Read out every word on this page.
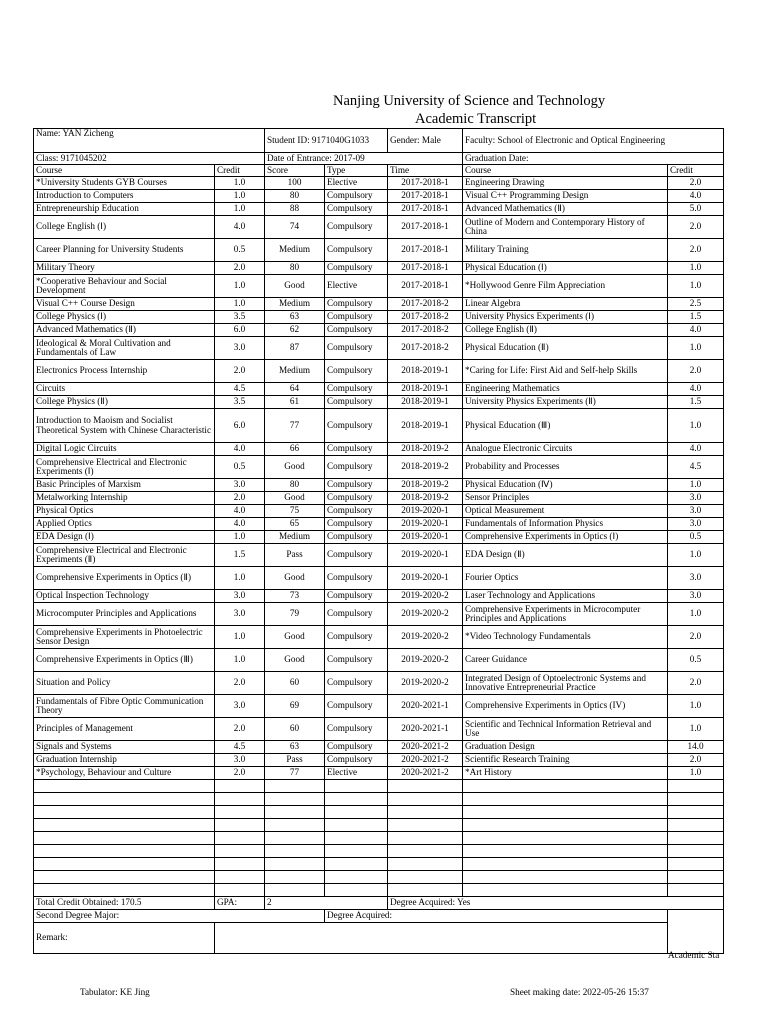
Nanjing University of Science and Technology
Academic Transcript
Name: YAN Zicheng		Student ID: 9171040G1033		Gender: Male	Faculty: School of Electronic and Optical Engineering	
Class: 9171045202		Date of Entrance: 2017-09			Graduation Date:	
Course	Credit	Score	Type	Time	Course	Credit
*University Students GYB Courses	1.0	100	Elective	2017-2018-1	Engineering Drawing	2.0
Introduction to Computers	1.0	80	Compulsory	2017-2018-1	Visual C++ Programming Design	4.0
Entrepreneurship Education	1.0	88	Compulsory	2017-2018-1	Advanced Mathematics (Ⅱ)	5.0
College English (Ⅰ)	4.0	74	Compulsory	2017-2018-1	Outline of Modern and Contemporary History of China	2.0
Career Planning for University Students	0.5	Medium	Compulsory	2017-2018-1	Military Training	2.0
Military Theory	2.0	80	Compulsory	2017-2018-1	Physical Education (Ⅰ)	1.0
*Cooperative Behaviour and Social Development	1.0	Good	Elective	2017-2018-1	*Hollywood Genre Film Appreciation	1.0
Visual C++ Course Design	1.0	Medium	Compulsory	2017-2018-2	Linear Algebra	2.5
College Physics (Ⅰ)	3.5	63	Compulsory	2017-2018-2	University Physics Experiments (Ⅰ)	1.5
Advanced Mathematics (Ⅱ)	6.0	62	Compulsory	2017-2018-2	College English (Ⅱ)	4.0
Ideological & Moral Cultivation and Fundamentals of Law	3.0	87	Compulsory	2017-2018-2	Physical Education (Ⅱ)	1.0
Electronics Process Internship	2.0	Medium	Compulsory	2018-2019-1	*Caring for Life: First Aid and Self-help Skills	2.0
Circuits	4.5	64	Compulsory	2018-2019-1	Engineering Mathematics	4.0
College Physics (Ⅱ)	3.5	61	Compulsory	2018-2019-1	University Physics Experiments (Ⅱ)	1.5
Introduction to Maoism and Socialist Theoretical System with Chinese Characteristic	6.0	77	Compulsory	2018-2019-1	Physical Education (Ⅲ)	1.0
Digital Logic Circuits	4.0	66	Compulsory	2018-2019-2	Analogue Electronic Circuits	4.0
Comprehensive Electrical and Electronic Experiments (Ⅰ)	0.5	Good	Compulsory	2018-2019-2	Probability and Processes	4.5
Basic Principles of Marxism	3.0	80	Compulsory	2018-2019-2	Physical Education (Ⅳ)	1.0
Metalworking Internship	2.0	Good	Compulsory	2018-2019-2	Sensor Principles	3.0
Physical Optics	4.0	75	Compulsory	2019-2020-1	Optical Measurement	3.0
Applied Optics	4.0	65	Compulsory	2019-2020-1	Fundamentals of Information Physics	3.0
EDA Design (Ⅰ)	1.0	Medium	Compulsory	2019-2020-1	Comprehensive Experiments in Optics (Ⅰ)	0.5
Comprehensive Electrical and Electronic Experiments (Ⅱ)	1.5	Pass	Compulsory	2019-2020-1	EDA Design (Ⅱ)	1.0
Comprehensive Experiments in Optics (Ⅱ)	1.0	Good	Compulsory	2019-2020-1	Fourier Optics	3.0
Optical Inspection Technology	3.0	73	Compulsory	2019-2020-2	Laser Technology and Applications	3.0
Microcomputer Principles and Applications	3.0	79	Compulsory	2019-2020-2	Comprehensive Experiments in Microcomputer Principles and Applications	1.0
Comprehensive Experiments in Photoelectric Sensor Design	1.0	Good	Compulsory	2019-2020-2	*Video Technology Fundamentals	2.0
Comprehensive Experiments in Optics (Ⅲ)	1.0	Good	Compulsory	2019-2020-2	Career Guidance	0.5
Situation and Policy	2.0	60	Compulsory	2019-2020-2	Integrated Design of Optoelectronic Systems and Innovative Entrepreneurial Practice	2.0
Fundamentals of Fibre Optic Communication Theory	3.0	69	Compulsory	2020-2021-1	Comprehensive Experiments in Optics (IV)	1.0
Principles of Management	2.0	60	Compulsory	2020-2021-1	Scientific and Technical Information Retrieval and Use	1.0
Signals and Systems	4.5	63	Compulsory	2020-2021-2	Graduation Design	14.0
Graduation Internship	3.0	Pass	Compulsory	2020-2021-2	Scientific Research Training	2.0
*Psychology, Behaviour and Culture	2.0	77	Elective	2020-2021-2	*Art History	1.0

Total Credit Obtained: 170.5	GPA:	2		Degree Acquired: Yes		
Second Degree Major:			Degree Acquired:			
Remark:						
Academic Sta
Tabulator: KE Jing	Sheet making date: 2022-05-26 15:37
